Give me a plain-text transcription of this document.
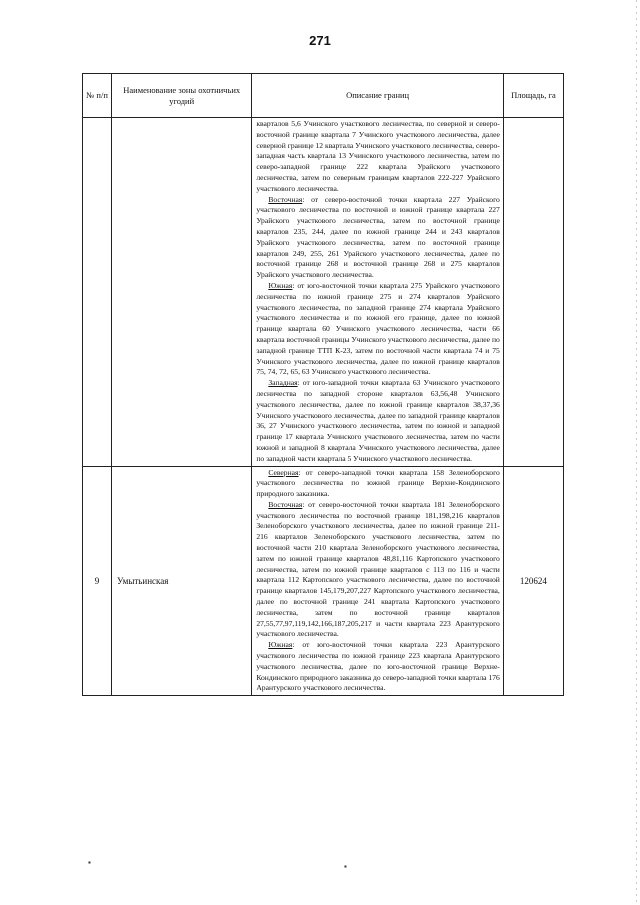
271
№ п/п	Наименование зоны охотничьих угодий	Описание границ	Площадь, га

		кварталов 5,6 Учинского участкового лесничества, по северной и северо-восточной границе квартала 7 Учинского участкового лесничества, далее северной границе 12 квартала Учинского участкового лесничества, северо-западная часть квартала 13 Учинского участкового лесничества, затем по северо-западной границе 222 квартала Урайского участкового лесничества, затем по северным границам кварталов 222-227 Урайского участкового лесничества.

Восточная: от северо-восточной точки квартала 227 Урайского участкового лесничества по восточной и южной границе квартала 227 Урайского участкового лесничества, затем по восточной границе кварталов 235, 244, далее по южной границе 244 и 243 кварталов Урайского участкового лесничества, затем по восточной границе кварталов 249, 255, 261 Урайского участкового лесничества, далее по восточной границе 268 и восточной границе 268 и 275 кварталов Урайского участкового лесничества.

Южная: от юго-восточной точки квартала 275 Урайского участкового лесничества по южной границе 275 и 274 кварталов Урайского участкового лесничества, по западной границе 274 квартала Урайского участкового лесничества и по южной его границе, далее по южной границе квартала 60 Учинского участкового лесничества, части 66 квартала восточной границы Учинского участкового лесничества, далее по западной границе ТТП К-23, затем по восточной части квартала 74 и 75 Учинского участкового лесничества, далее по южной границе кварталов 75, 74, 72, 65, 63 Учинского участкового лесничества.

Западная: от юго-западной точки квартала 63 Учинского участкового лесничества по западной стороне кварталов 63,56,48 Учинского участкового лесничества, далее по южной границе кварталов 38,37,36 Учинского участкового лесничества, далее по западной границе кварталов 36, 27 Учинского участкового лесничества, затем по южной и западной границе 17 квартала Учинского участкового лесничества, затем по части южной и западной 8 квартала Учинского участкового лесничества, далее по западной части квартала 5 Учинского участкового лесничества.	

9	Умытьинская	Северная: от северо-западной точки квартала 158 Зеленоборского участкового лесничества по южной границе Верхне-Кондинского природного заказника.

Восточная: от северо-восточной точки квартала 181 Зеленоборского участкового лесничества по восточной границе 181,198,216 кварталов Зеленоборского участкового лесничества, далее по южной границе 211-216 кварталов Зеленоборского участкового лесничества, затем по восточной части 210 квартала Зеленоборского участкового лесничества, затем по южной границе кварталов 48,81,116 Картопского участкового лесничества, затем по южной границе кварталов с 113 по 116 и части квартала 112 Картопского участкового лесничества, далее по восточной границе кварталов 145,179,207,227 Картопского участкового лесничества, далее по восточной границе 241 квартала Картопского участкового лесничества, затем по восточной границе кварталов 27,55,77,97,119,142,166,187,205,217 и части квартала 223 Арантурского участкового лесничества.

Южная: от юго-восточной точки квартала 223 Арантурского участкового лесничества по южной границе 223 квартала Арантурского участкового лесничества, далее по юго-восточной границе Верхне-Кондинского природного заказника до северо-западной точки квартала 176 Арантурского участкового лесничества.	120624
▪	▪
